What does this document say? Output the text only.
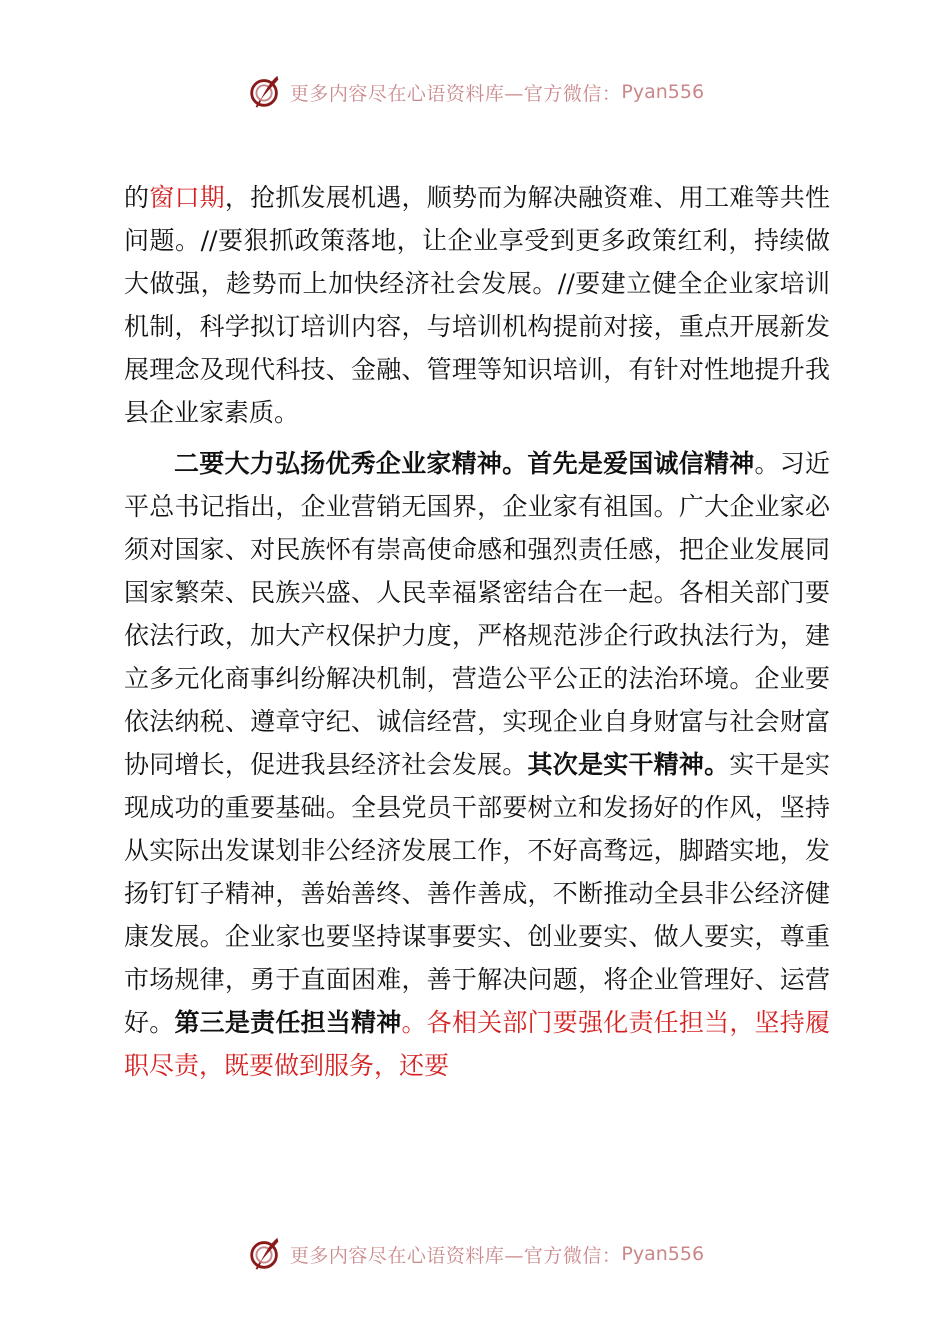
更多内容尽在心语资料库—官方微信： Pyan556

的窗口期，抢抓发展机遇，顺势而为解决融资难、用工难等共性问题。//要狠抓政策落地，让企业享受到更多政策红利，持续做大做强，趁势而上加快经济社会发展。//要建立健全企业家培训机制，科学拟订培训内容，与培训机构提前对接，重点开展新发展理念及现代科技、金融、管理等知识培训，有针对性地提升我县企业家素质。

二要大力弘扬优秀企业家精神。首先是爱国诚信精神。习近平总书记指出，企业营销无国界，企业家有祖国。广大企业家必须对国家、对民族怀有崇高使命感和强烈责任感，把企业发展同国家繁荣、民族兴盛、人民幸福紧密结合在一起。各相关部门要依法行政，加大产权保护力度，严格规范涉企行政执法行为，建立多元化商事纠纷解决机制，营造公平公正的法治环境。企业要依法纳税、遵章守纪、诚信经营，实现企业自身财富与社会财富协同增长，促进我县经济社会发展。其次是实干精神。实干是实现成功的重要基础。全县党员干部要树立和发扬好的作风，坚持从实际出发谋划非公经济发展工作，不好高骛远，脚踏实地，发扬钉钉子精神，善始善终、善作善成，不断推动全县非公经济健康发展。企业家也要坚持谋事要实、创业要实、做人要实，尊重市场规律，勇于直面困难，善于解决问题，将企业管理好、运营好。第三是责任担当精神。各相关部门要强化责任担当，坚持履职尽责，既要做到服务，还要

更多内容尽在心语资料库—官方微信： Pyan556
